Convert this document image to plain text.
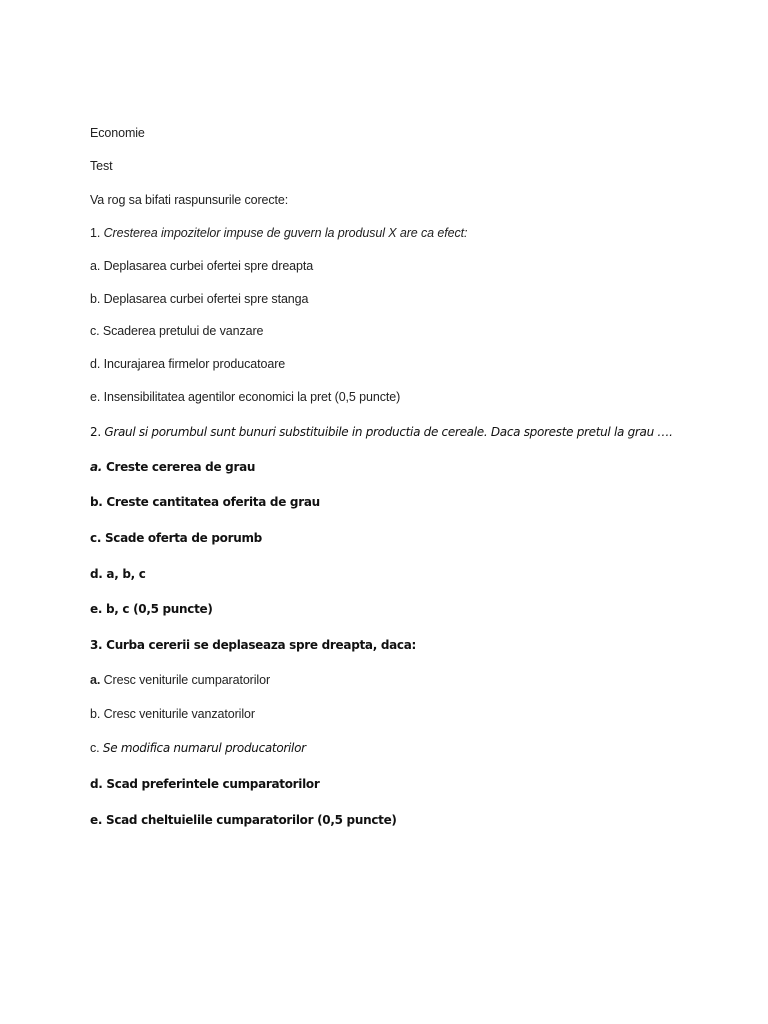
Economie
Test
Va rog sa bifati raspunsurile corecte:
1. Cresterea impozitelor impuse de guvern la produsul X are ca efect:
a. Deplasarea curbei ofertei spre dreapta
b. Deplasarea curbei ofertei spre stanga
c. Scaderea pretului de vanzare
d. Incurajarea firmelor producatoare
e. Insensibilitatea agentilor economici la pret (0,5 puncte)
2. Graul si porumbul sunt bunuri substituibile in productia de cereale. Daca sporeste pretul la grau ….
a. Creste cererea de grau
b. Creste cantitatea oferita de grau
c. Scade oferta de porumb
d. a, b, c
e. b, c (0,5 puncte)
3. Curba cererii se deplaseaza spre dreapta, daca:
a. Cresc veniturile cumparatorilor
b. Cresc veniturile vanzatorilor
c. Se modifica numarul producatorilor
d. Scad preferintele cumparatorilor
e. Scad cheltuielile cumparatorilor (0,5 puncte)
